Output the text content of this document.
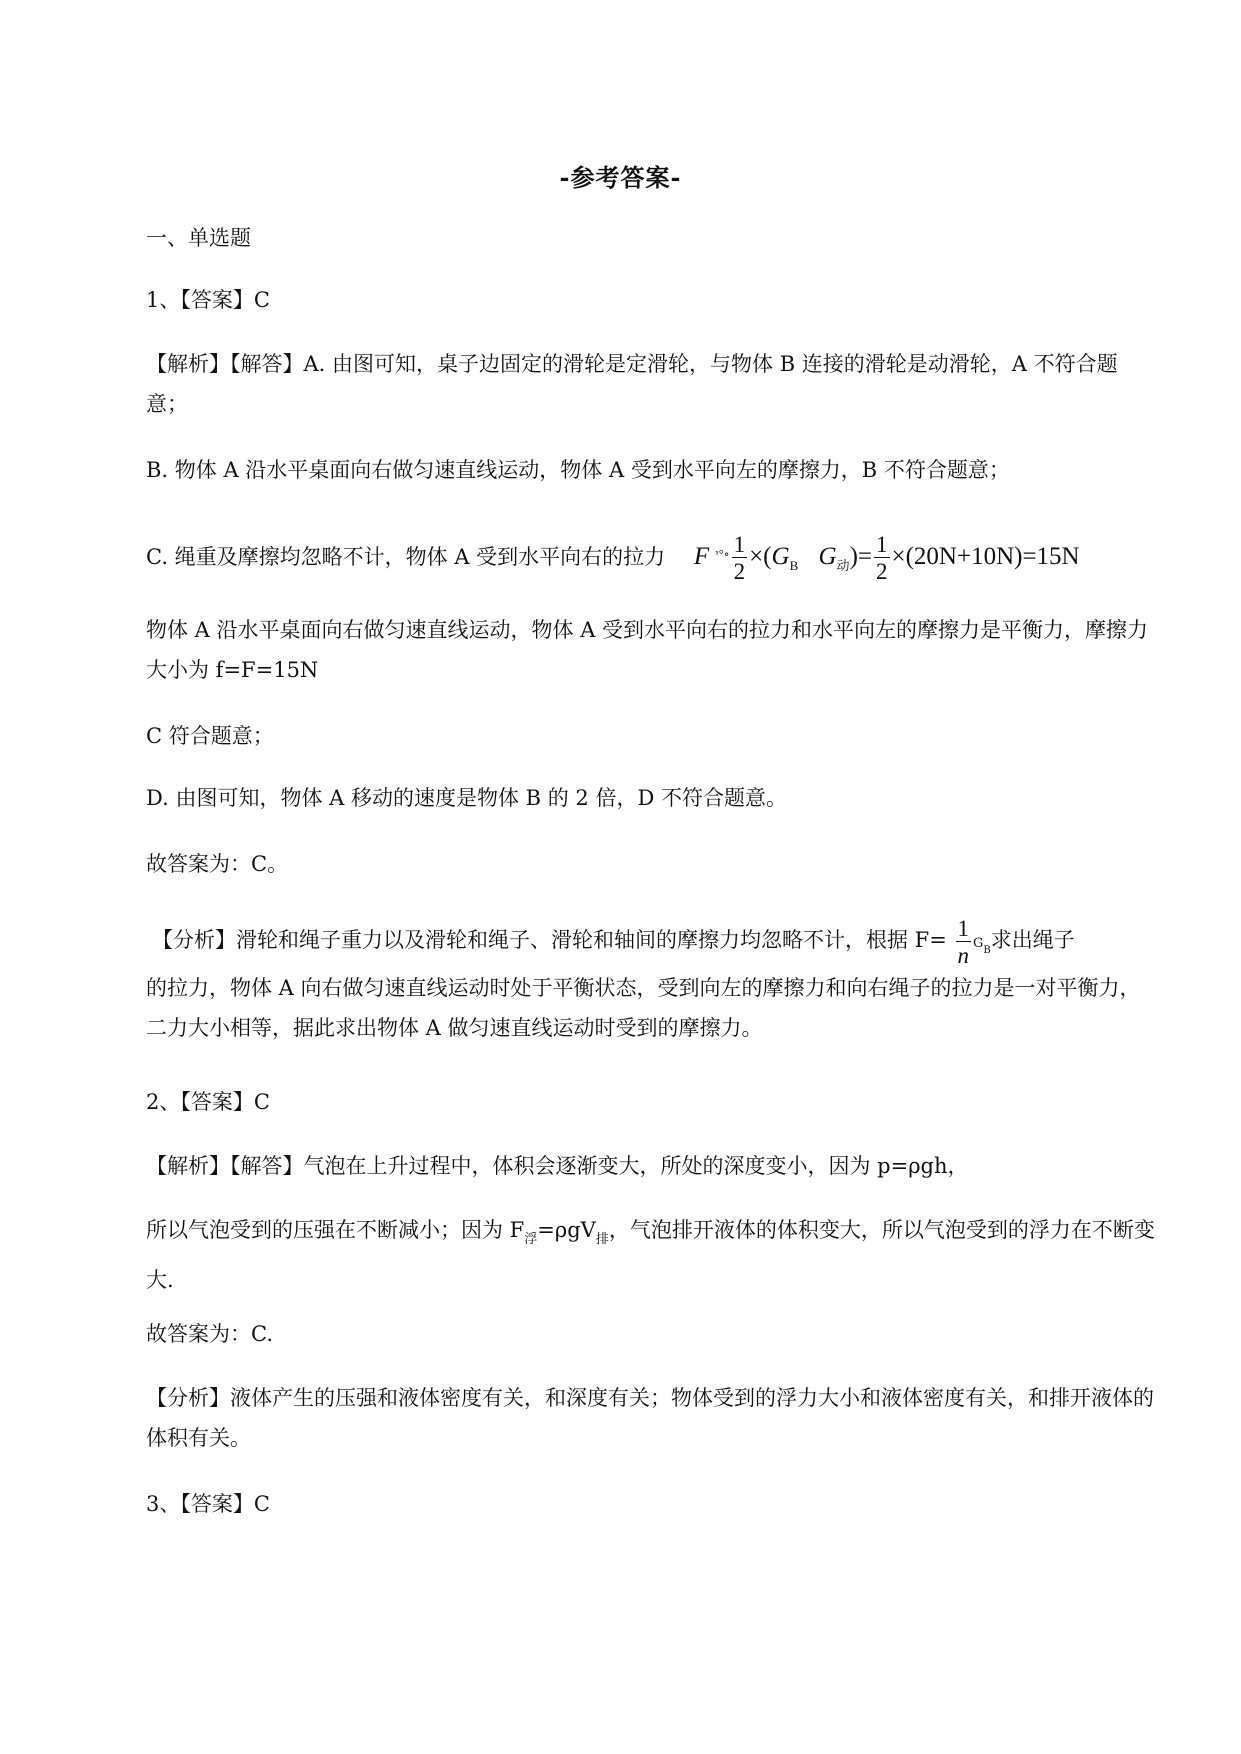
-参考答案-
一、单选题
1、【答案】C
【解析】【解答】A. 由图可知，桌子边固定的滑轮是定滑轮，与物体 B 连接的滑轮是动滑轮，A 不符合题意；
B. 物体 A 沿水平桌面向右做匀速直线运动，物体 A 受到水平向左的摩擦力，B 不符合题意；
C. 绳重及摩擦均忽略不计，物体 A 受到水平向右的拉力 F $^{ˣ^\circ\circ} \frac{1}{2} \times(G_B$ $G_动)= \frac{1}{2} \times(20N+10N)=15N$
物体 A 沿水平桌面向右做匀速直线运动，物体 A 受到水平向右的拉力和水平向左的摩擦力是平衡力，摩擦力大小为 f=F=15N
C 符合题意；
D. 由图可知，物体 A 移动的速度是物体 B 的 2 倍，D 不符合题意。
故答案为：C。
【分析】滑轮和绳子重力以及滑轮和绳子、滑轮和轴间的摩擦力均忽略不计，根据 $F= \frac{1}{n} G_B$求出绳子
的拉力，物体 A 向右做匀速直线运动时处于平衡状态，受到向左的摩擦力和向右绳子的拉力是一对平衡力，二力大小相等，据此求出物体 A 做匀速直线运动时受到的摩擦力。
2、【答案】C
【解析】【解答】气泡在上升过程中，体积会逐渐变大，所处的深度变小，因为 p=ρgh，
所以气泡受到的压强在不断减小；因为 $F_浮=\rho gV_排$，气泡排开液体的体积变大，所以气泡受到的浮力在不断变大.
故答案为：C.
【分析】液体产生的压强和液体密度有关，和深度有关；物体受到的浮力大小和液体密度有关，和排开液体的体积有关。
3、【答案】C
